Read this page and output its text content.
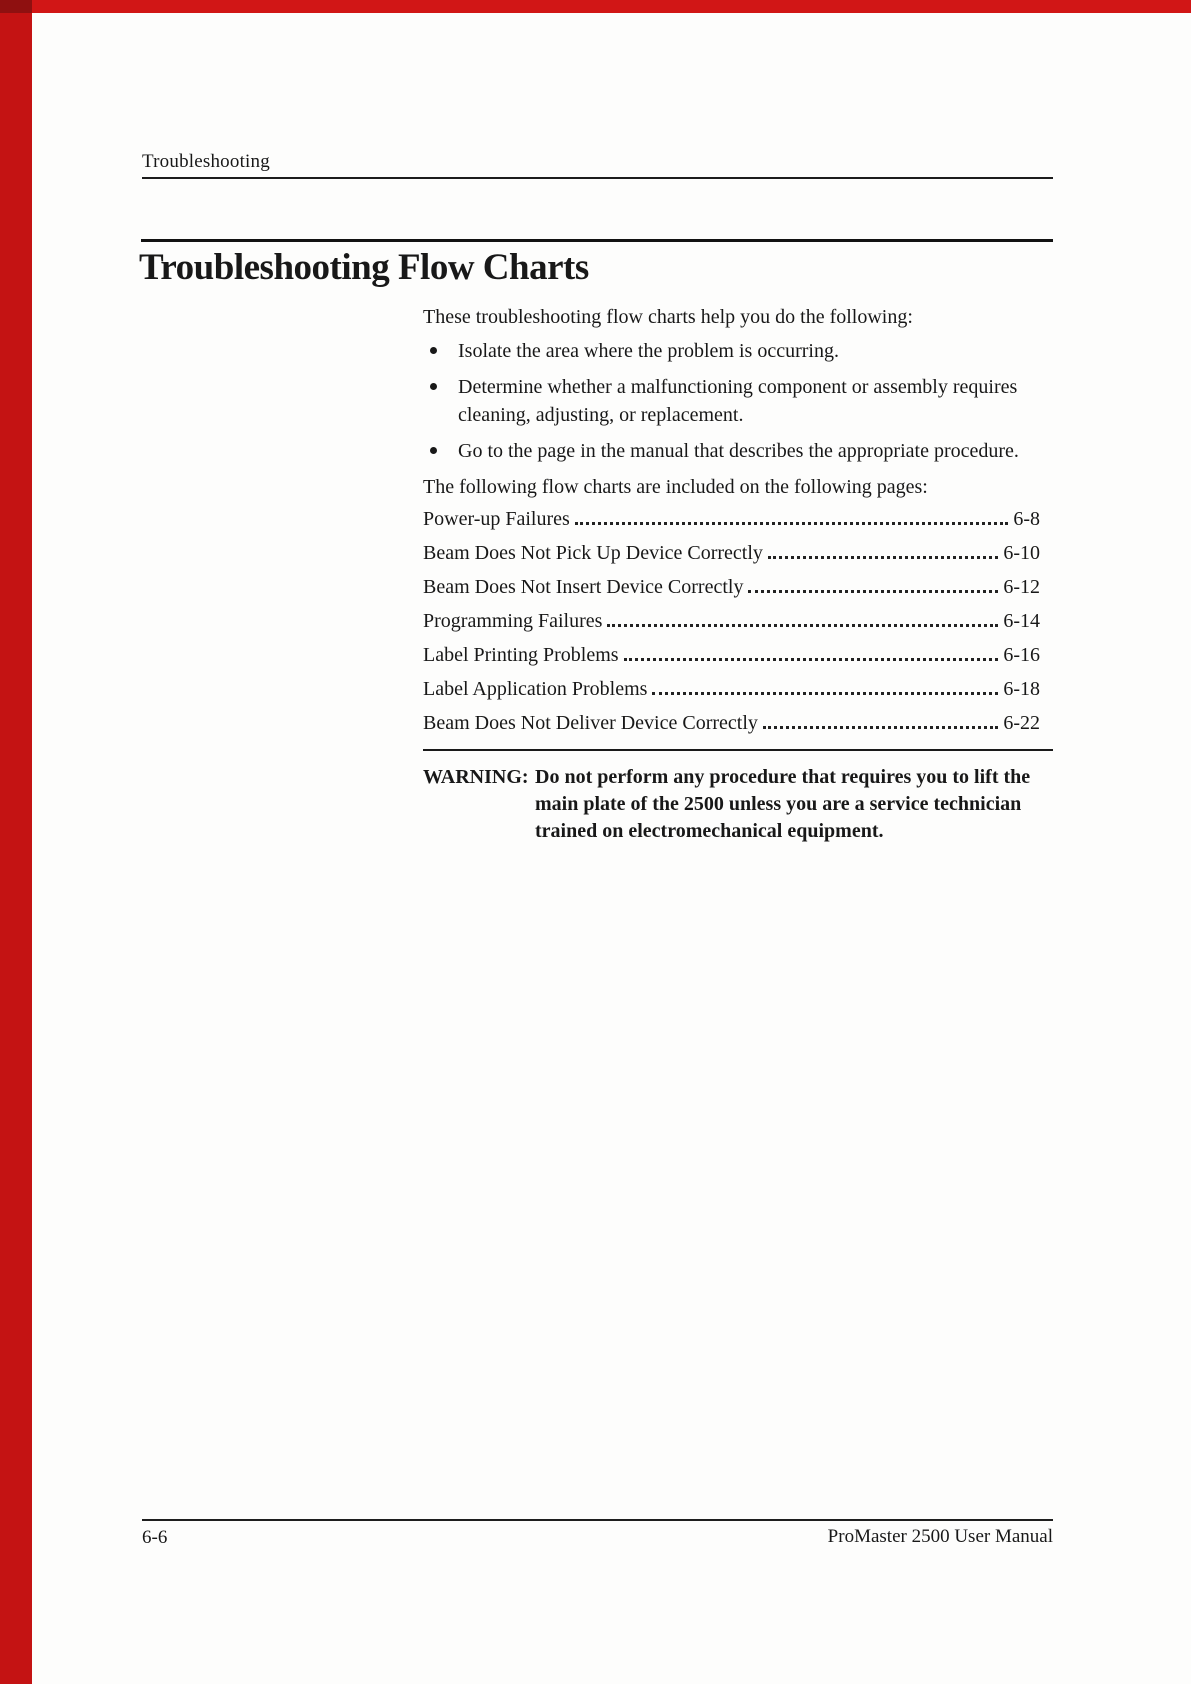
Troubleshooting
Troubleshooting Flow Charts

These troubleshooting flow charts help you do the following:

Isolate the area where the problem is occurring.
Determine whether a malfunctioning component or assembly requires cleaning, adjusting, or replacement.
Go to the page in the manual that describes the appropriate procedure.

The following flow charts are included on the following pages:

Power-up Failures	6-8
Beam Does Not Pick Up Device Correctly	6-10
Beam Does Not Insert Device Correctly	6-12
Programming Failures	6-14
Label Printing Problems	6-16
Label Application Problems	6-18
Beam Does Not Deliver Device Correctly	6-22
WARNING: Do not perform any procedure that requires you to lift the
main plate of the 2500 unless you are a service technician
trained on electromechanical equipment.
6-6	ProMaster 2500 User Manual
